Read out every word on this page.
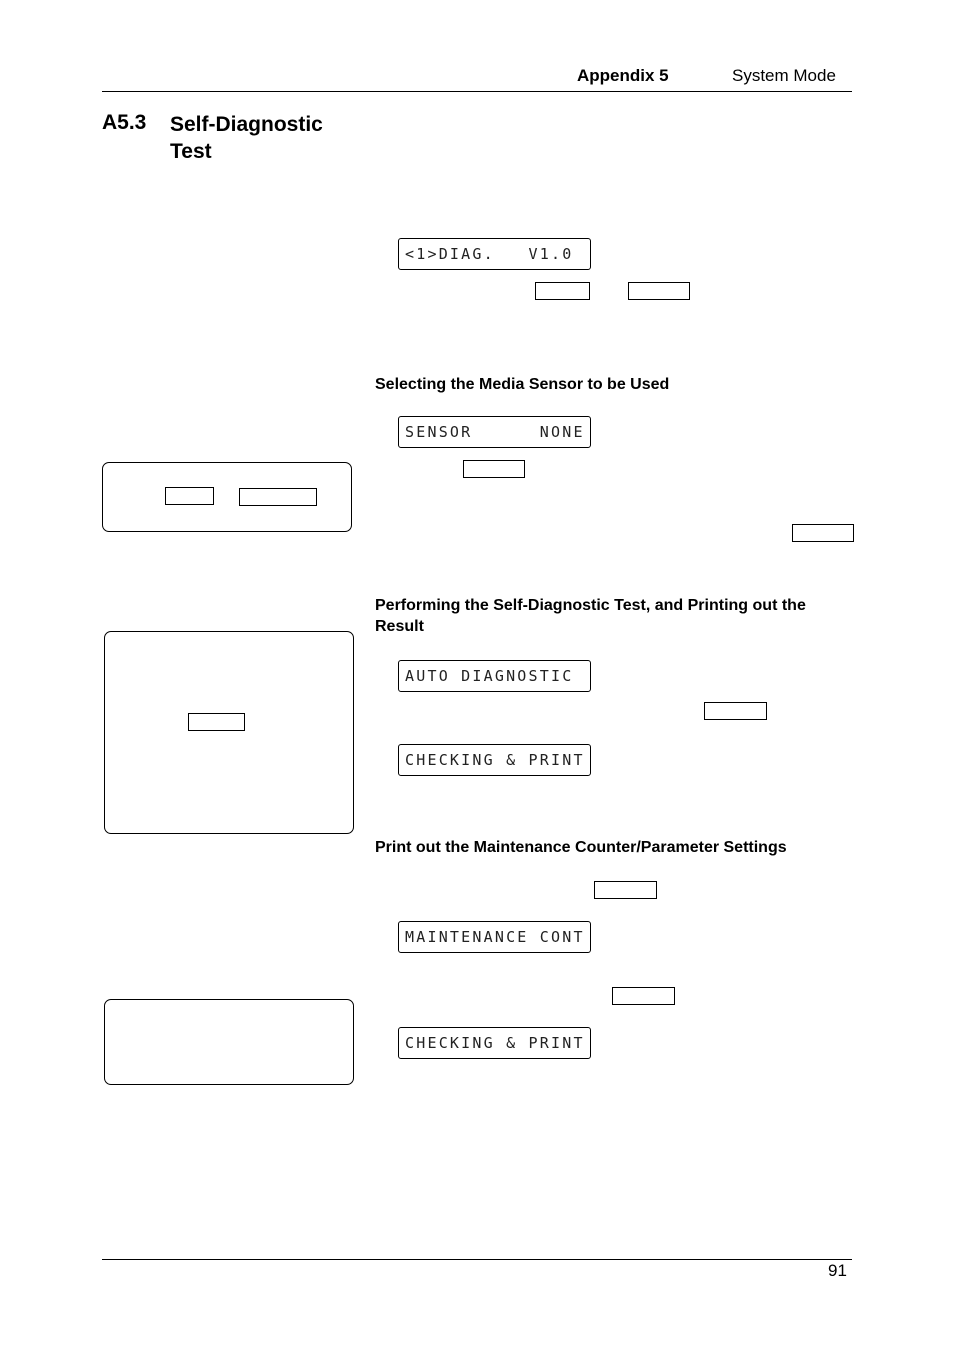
Appendix 5	System Mode
A5.3 Self-Diagnostic Test
<1>DIAG.   V1.0
Selecting the Media Sensor to be Used
SENSOR      NONE
Performing the Self-Diagnostic Test, and Printing out the Result
AUTO DIAGNOSTIC
CHECKING & PRINT
Print out the Maintenance Counter/Parameter Settings
MAINTENANCE CONT
CHECKING & PRINT
91
